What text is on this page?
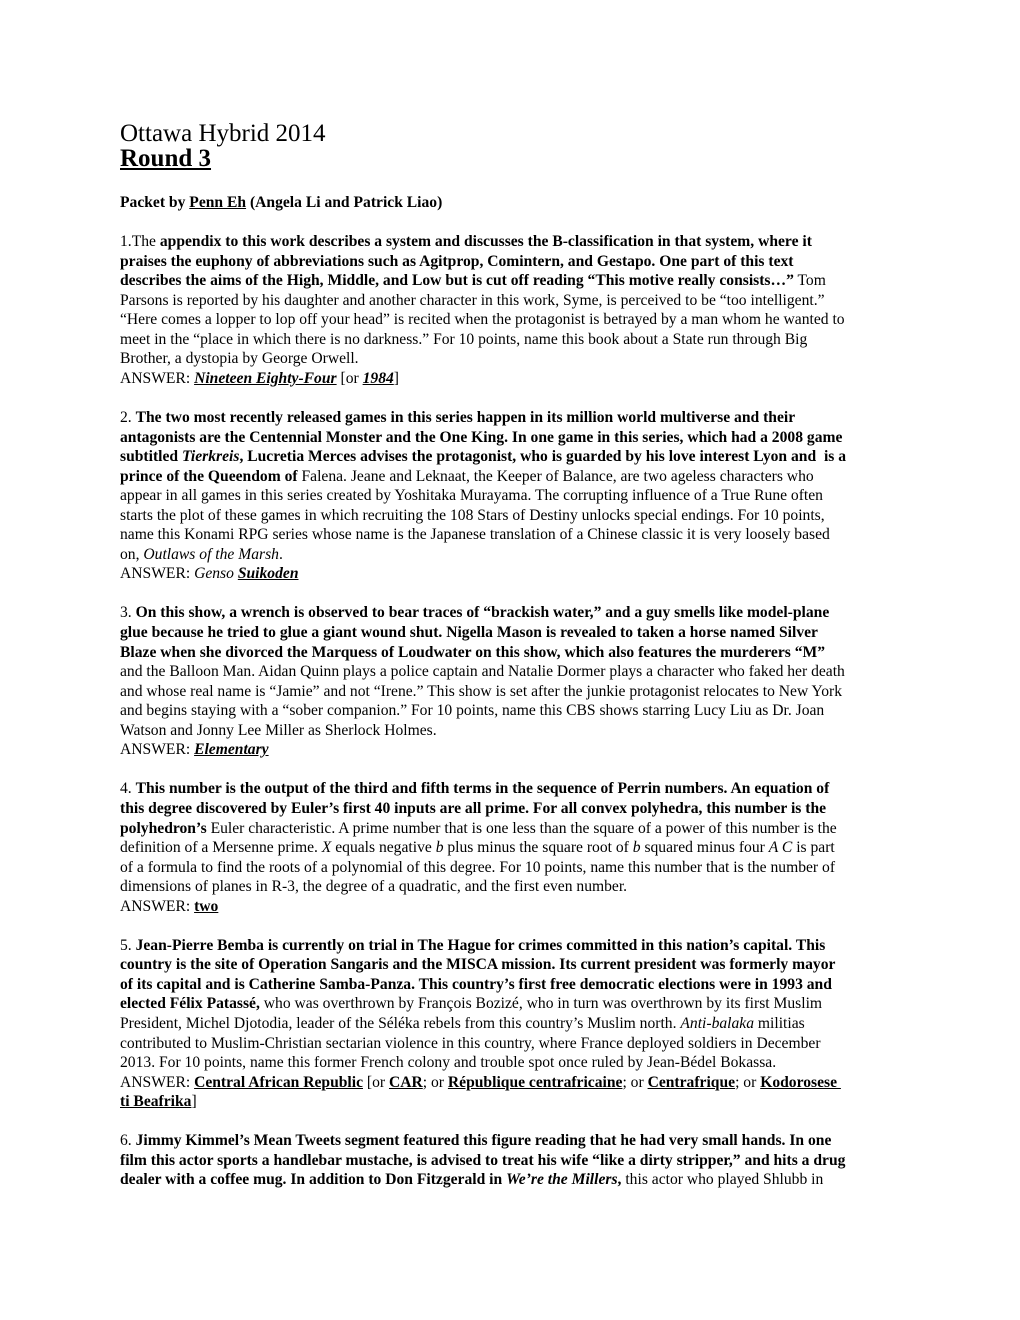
Ottawa Hybrid 2014
Round 3
Packet by Penn Eh (Angela Li and Patrick Liao)
1.The appendix to this work describes a system and discusses the B-classification in that system, where it
praises the euphony of abbreviations such as Agitprop, Comintern, and Gestapo. One part of this text
describes the aims of the High, Middle, and Low but is cut off reading “This motive really consists…” Tom
Parsons is reported by his daughter and another character in this work, Syme, is perceived to be “too intelligent.”
“Here comes a lopper to lop off your head” is recited when the protagonist is betrayed by a man whom he wanted to
meet in the “place in which there is no darkness.” For 10 points, name this book about a State run through Big
Brother, a dystopia by George Orwell.
ANSWER: Nineteen Eighty-Four [or 1984]
2. The two most recently released games in this series happen in its million world multiverse and their
antagonists are the Centennial Monster and the One King. In one game in this series, which had a 2008 game
subtitled Tierkreis, Lucretia Merces advises the protagonist, who is guarded by his love interest Lyon and  is a
prince of the Queendom of Falena. Jeane and Leknaat, the Keeper of Balance, are two ageless characters who
appear in all games in this series created by Yoshitaka Murayama. The corrupting influence of a True Rune often
starts the plot of these games in which recruiting the 108 Stars of Destiny unlocks special endings. For 10 points,
name this Konami RPG series whose name is the Japanese translation of a Chinese classic it is very loosely based
on, Outlaws of the Marsh.
ANSWER: Genso Suikoden
3. On this show, a wrench is observed to bear traces of “brackish water,” and a guy smells like model-plane
glue because he tried to glue a giant wound shut. Nigella Mason is revealed to taken a horse named Silver
Blaze when she divorced the Marquess of Loudwater on this show, which also features the murderers “M”
and the Balloon Man. Aidan Quinn plays a police captain and Natalie Dormer plays a character who faked her death
and whose real name is “Jamie” and not “Irene.” This show is set after the junkie protagonist relocates to New York
and begins staying with a “sober companion.” For 10 points, name this CBS shows starring Lucy Liu as Dr. Joan
Watson and Jonny Lee Miller as Sherlock Holmes.
ANSWER: Elementary
4. This number is the output of the third and fifth terms in the sequence of Perrin numbers. An equation of
this degree discovered by Euler’s first 40 inputs are all prime. For all convex polyhedra, this number is the
polyhedron’s Euler characteristic. A prime number that is one less than the square of a power of this number is the
definition of a Mersenne prime. X equals negative b plus minus the square root of b squared minus four A C is part
of a formula to find the roots of a polynomial of this degree. For 10 points, name this number that is the number of
dimensions of planes in R-3, the degree of a quadratic, and the first even number.
ANSWER: two
5. Jean-Pierre Bemba is currently on trial in The Hague for crimes committed in this nation’s capital. This
country is the site of Operation Sangaris and the MISCA mission. Its current president was formerly mayor
of its capital and is Catherine Samba-Panza. This country’s first free democratic elections were in 1993 and
elected Félix Patassé, who was overthrown by François Bozizé, who in turn was overthrown by its first Muslim
President, Michel Djotodia, leader of the Séléka rebels from this country’s Muslim north. Anti-balaka militias
contributed to Muslim-Christian sectarian violence in this country, where France deployed soldiers in December
2013. For 10 points, name this former French colony and trouble spot once ruled by Jean-Bédel Bokassa.
ANSWER: Central African Republic [or CAR; or République centrafricaine; or Centrafrique; or Kodorosese
ti Beafrika]
6. Jimmy Kimmel’s Mean Tweets segment featured this figure reading that he had very small hands. In one
film this actor sports a handlebar mustache, is advised to treat his wife “like a dirty stripper,” and hits a drug
dealer with a coffee mug. In addition to Don Fitzgerald in We’re the Millers, this actor who played Shlubb in
